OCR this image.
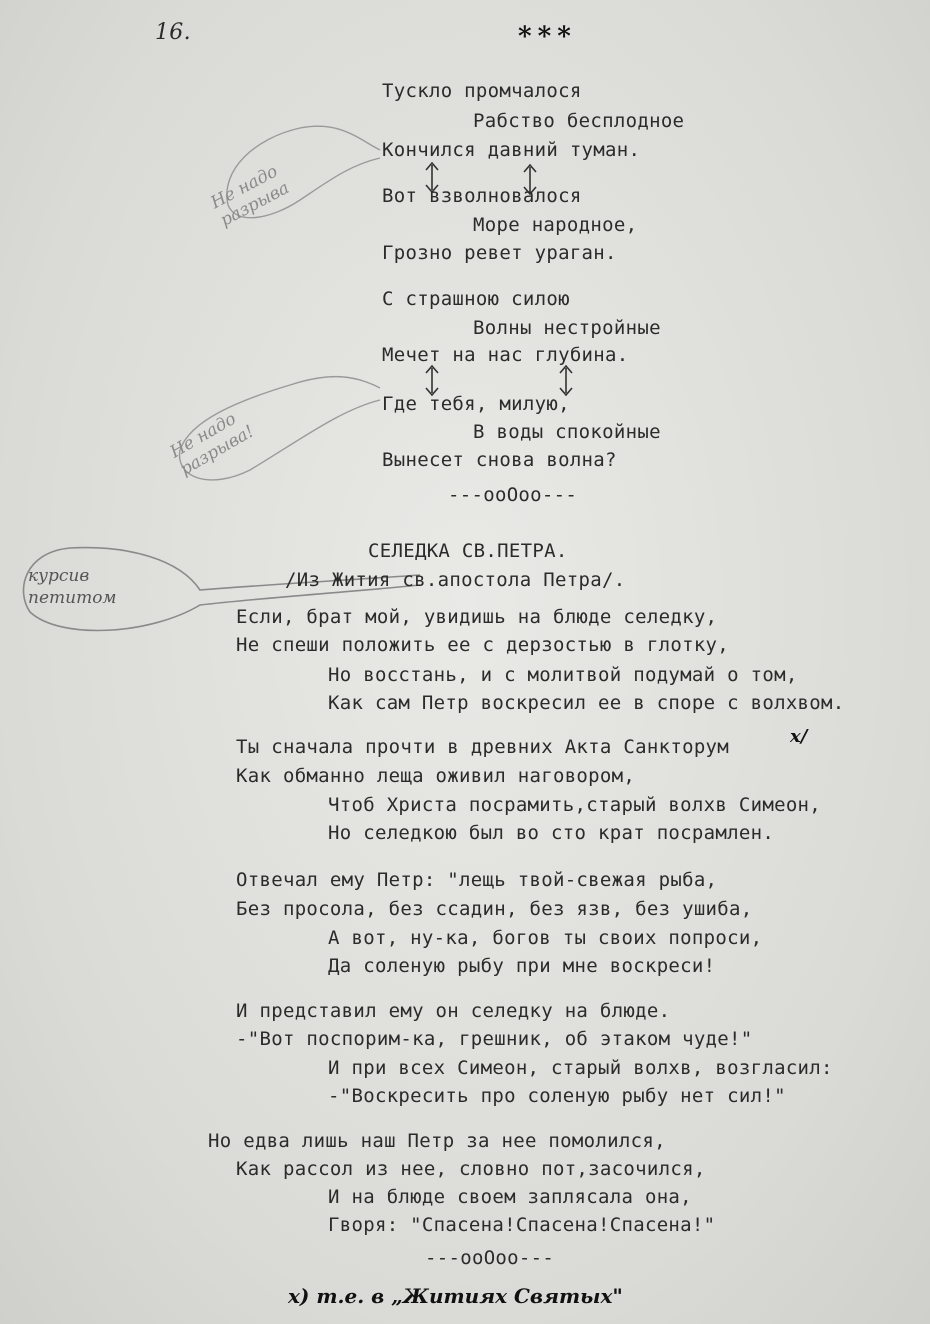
16.	***
Тускло промчалося
Рабство бесплодное
Кончился давний туман.
Вот взволновалося
Море народное,
Грозно ревет ураган.
С страшною силою
Волны нестройные
Мечет на нас глубина.
Где тебя, милую,
В воды спокойные
Вынесет снова волна?
---ooOoo---
Не надо разрыва
Не надо разрыва!
курсив петитом
СЕЛЕДКА СВ.ПЕТРА.
/Из Жития св.апостола Петра/.
Если, брат мой, увидишь на блюде селедку,
Не спеши положить ее с дерзостью в глотку,
Но восстань, и с молитвой подумай о том,
Как сам Петр воскресил ее в споре с волхвом.
Ты сначала прочти в древних Акта Санкторум	x/
Как обманно леща оживил наговором,
Чтоб Христа посрамить,старый волхв Симеон,
Но селедкою был во сто крат посрамлен.
Отвечал ему Петр: "лещь твой-свежая рыба,
Без просола, без ссадин, без язв, без ушиба,
А вот, ну-ка, богов ты своих попроси,
Да соленую рыбу при мне воскреси!
И представил ему он селедку на блюде.
-"Вот поспорим-ка, грешник, об этаком чуде!"
И при всех Симеон, старый волхв, возгласил:
-"Воскресить про соленую рыбу нет сил!"
Но едва лишь наш Петр за нее помолился,
Как рассол из нее, словно пот,засочился,
И на блюде своем заплясала она,
Гворя: "Спасена!Спасена!Спасена!"
---ooOoo---
x) т.е. в „Житиях Святых"
